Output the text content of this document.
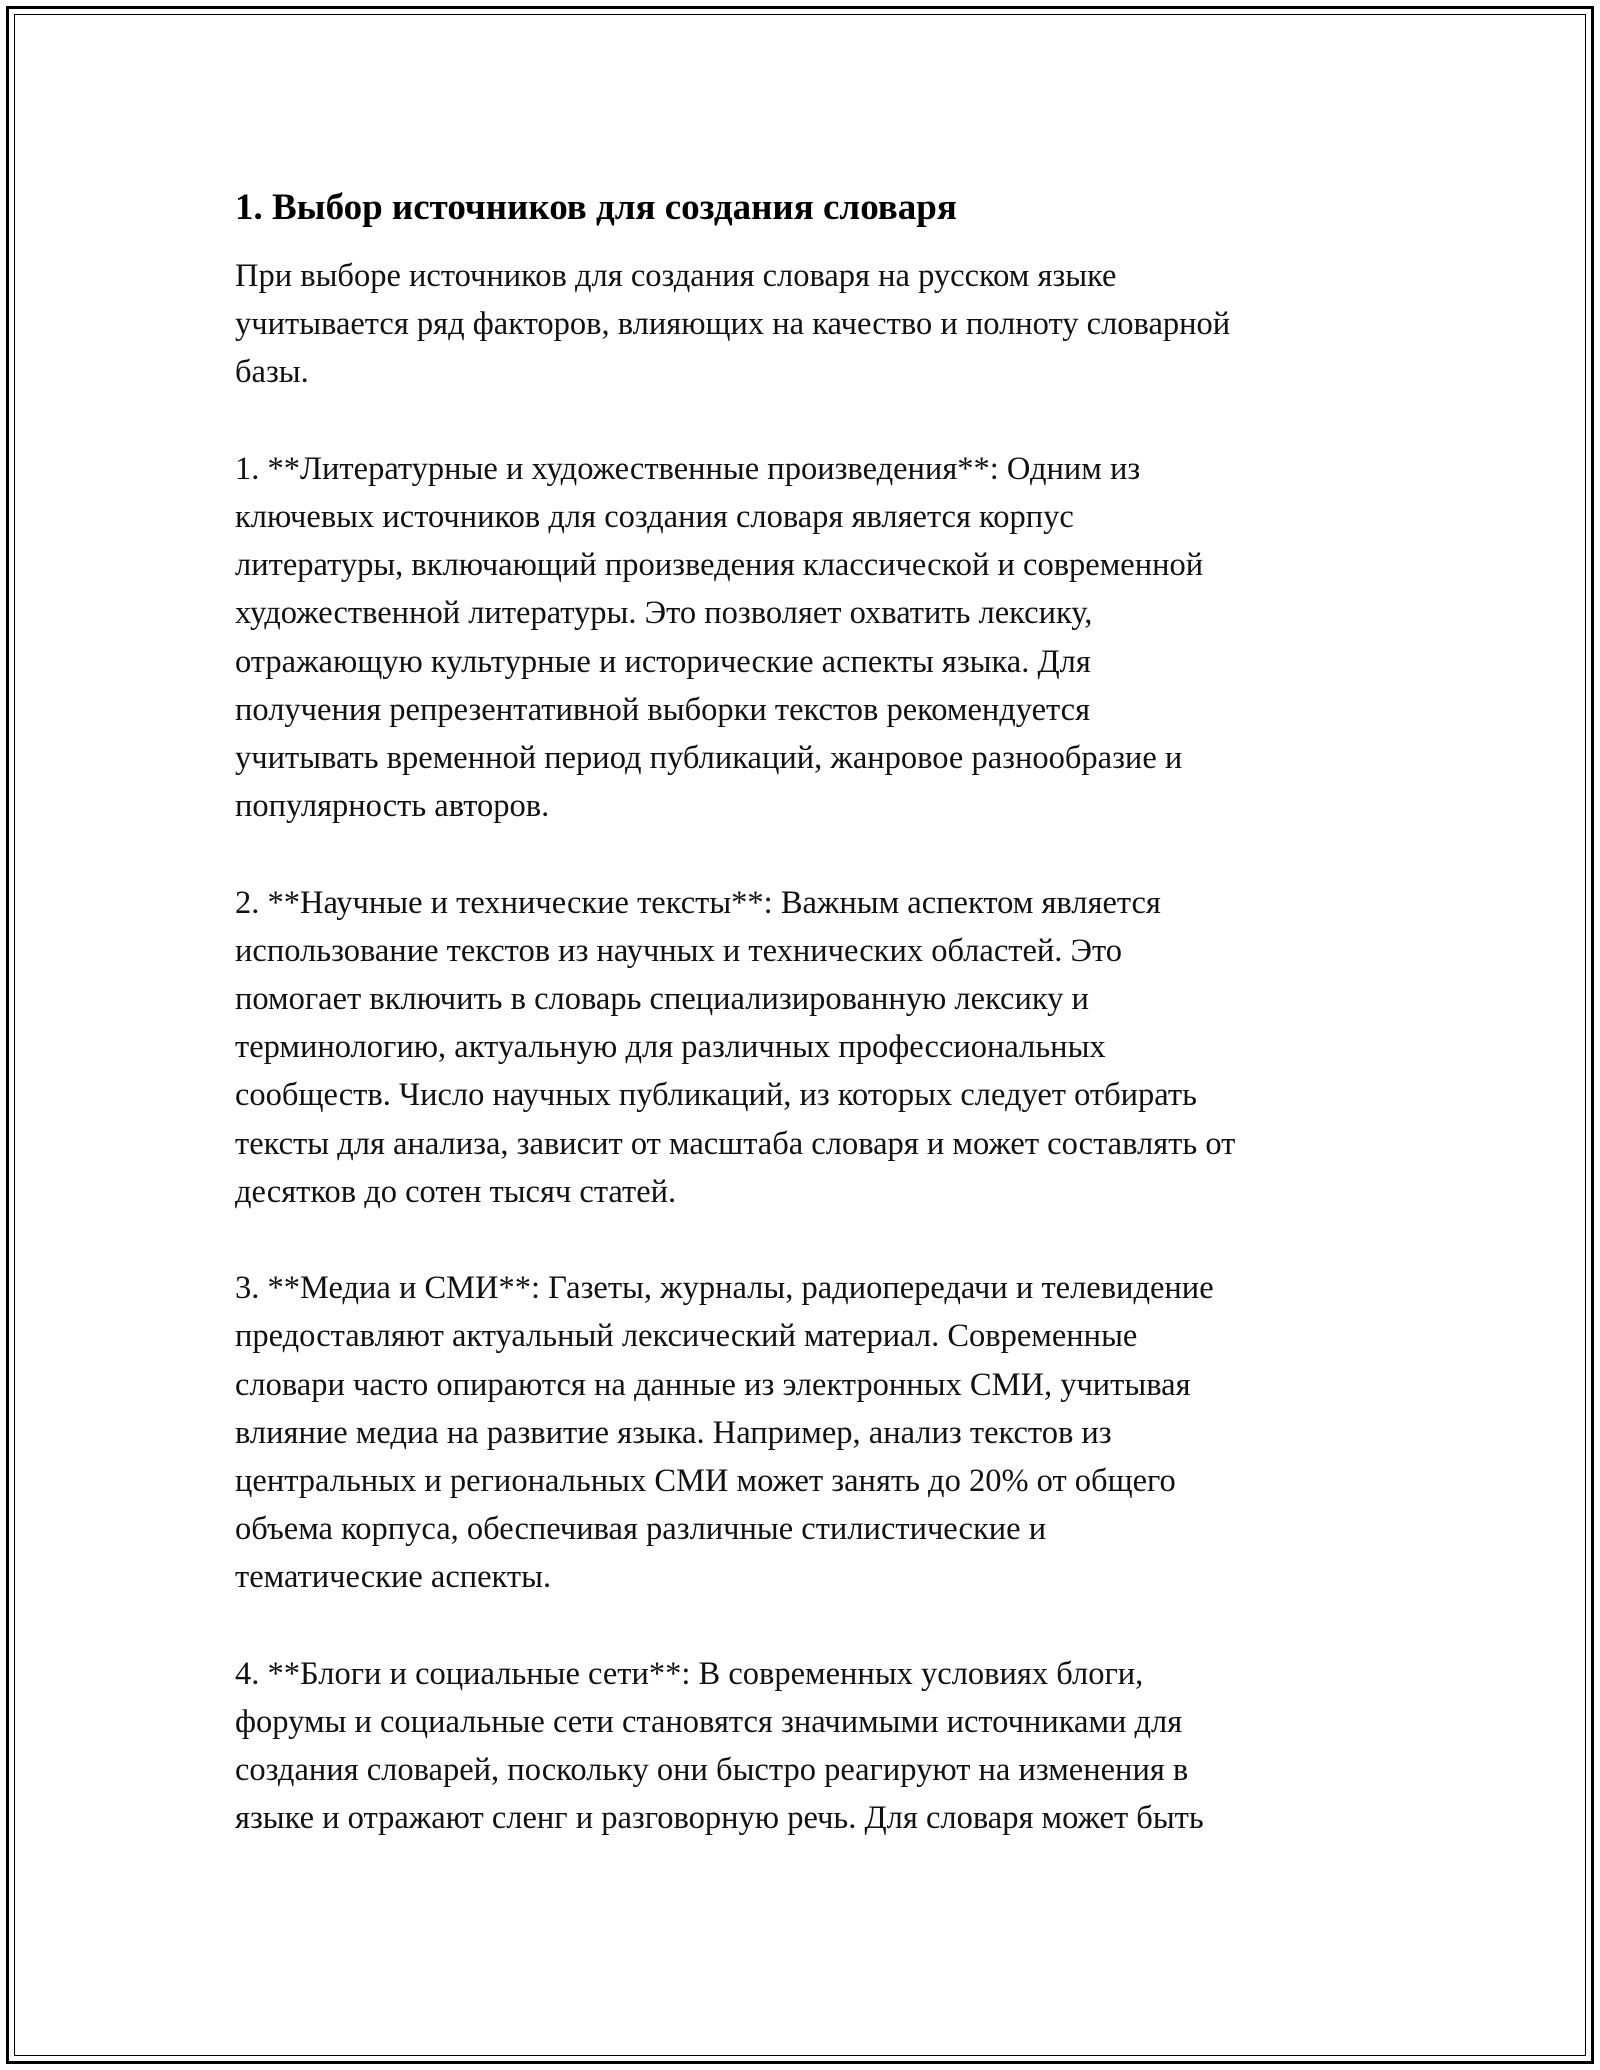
1. Выбор источников для создания словаря

При выборе источников для создания словаря на русском языке
учитывается ряд факторов, влияющих на качество и полноту словарной
базы.

1. **Литературные и художественные произведения**: Одним из
ключевых источников для создания словаря является корпус
литературы, включающий произведения классической и современной
художественной литературы. Это позволяет охватить лексику,
отражающую культурные и исторические аспекты языка. Для
получения репрезентативной выборки текстов рекомендуется
учитывать временной период публикаций, жанровое разнообразие и
популярность авторов.

2. **Научные и технические тексты**: Важным аспектом является
использование текстов из научных и технических областей. Это
помогает включить в словарь специализированную лексику и
терминологию, актуальную для различных профессиональных
сообществ. Число научных публикаций, из которых следует отбирать
тексты для анализа, зависит от масштаба словаря и может составлять от
десятков до сотен тысяч статей.

3. **Медиа и СМИ**: Газеты, журналы, радиопередачи и телевидение
предоставляют актуальный лексический материал. Современные
словари часто опираются на данные из электронных СМИ, учитывая
влияние медиа на развитие языка. Например, анализ текстов из
центральных и региональных СМИ может занять до 20% от общего
объема корпуса, обеспечивая различные стилистические и
тематические аспекты.

4. **Блоги и социальные сети**: В современных условиях блоги,
форумы и социальные сети становятся значимыми источниками для
создания словарей, поскольку они быстро реагируют на изменения в
языке и отражают сленг и разговорную речь. Для словаря может быть
